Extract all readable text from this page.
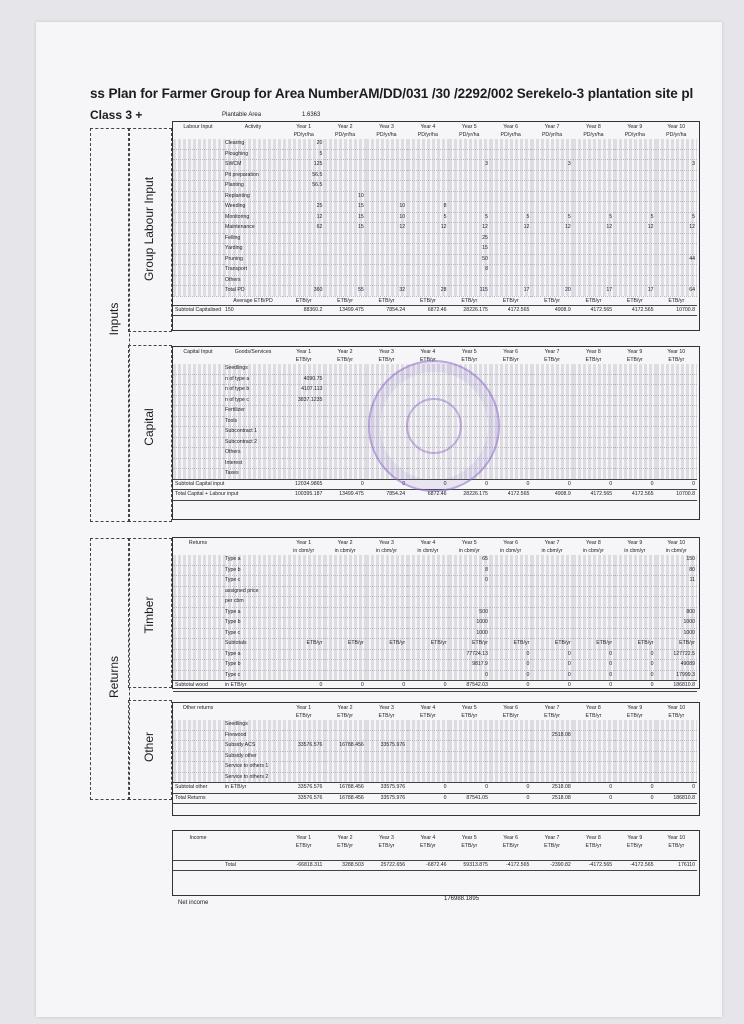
ss Plan for Farmer Group for Area NumberAM/DD/031 /30 /2292/002 Serekelo-3 plantation site pl
Class 3 +	Plantable Area	1.6363
Inputs
Group Labour Input
Labour Input	Activity	Year 1	Year 2	Year 3	Year 4	Year 5	Year 6	Year 7	Year 8	Year 9	Year 10
		PD/yr/ha	PD/yr/ha	PD/yr/ha	PD/yr/ha	PD/yr/ha	PD/yr/ha	PD/yr/ha	PD/yr/ha	PD/yr/ha	PD/yr/ha
	Clearing	20									
	Ploughing	5									
	SWCM	125				3		3			3
	Pit preparation	56.5									
	Planting	56.5									
	Replanting		10								
	Weeding	25	15	10	8						
	Monitoring	12	15	10	5	5	5	5	5	5	5
	Maintenance	62	15	12	12	12	12	12	12	12	12
	Felling					25					
	Yarding					15					
	Pruning					50					44
	Transport					8					
	Others										
	Total PD	360	55	32	28	115	17	20	17	17	64
	Average ETB/PD	ETB/yr	ETB/yr	ETB/yr	ETB/yr	ETB/yr	ETB/yr	ETB/yr	ETB/yr	ETB/yr	ETB/yr
Subtotal Capitalised	150	88360.2	13499.475	7854.24	6872.46	28226.175	4172.565	4908.9	4172.565	4172.565	10700.8
Capital
Capital Input	Goods/Services	Year 1	Year 2	Year 3	Year 4	Year 5	Year 6	Year 7	Year 8	Year 9	Year 10
		ETB/yr	ETB/yr	ETB/yr	ETB/yr	ETB/yr	ETB/yr	ETB/yr	ETB/yr	ETB/yr	ETB/yr
	Seedlings										
	n of type a	4090.75									
	n of type b	4107.113									
	n of type c	3837.1235									
	Fertilizer										
	Tools										
	Subcontract 1										
	Subcontract 2										
	Others										
	Interest										
	Taxes										
Subtotal Capital input		12034.9865	0	0	0	0	0	0	0	0	0
Total Capital + Labour input		100395.187	13499.475	7854.24	6872.46	28226.175	4172.565	4908.9	4172.565	4172.565	10700.8
Returns
Timber
Returns		Year 1	Year 2	Year 3	Year 4	Year 5	Year 6	Year 7	Year 8	Year 9	Year 10
		in cbm/yr	in cbm/yr	in cbm/yr	in cbm/yr	in cbm/yr	in cbm/yr	in cbm/yr	in cbm/yr	in cbm/yr	in cbm/yr
	Type a					65					150
	Type b					8					80
	Type c					0					11
	assigned price										
	per cbm										
	Type a					500					800
	Type b					1000					1000
	Type c					1000					1000
	Subtotals	ETB/yr	ETB/yr	ETB/yr	ETB/yr	ETB/yr	ETB/yr	ETB/yr	ETB/yr	ETB/yr	ETB/yr
	Type a					77724.13	0	0	0	0	127722.5
	Type b					9817.9	0	0	0	0	49089
	Type c					0	0	0	0	0	17999.3
Subtotal wood	in ETB/yr	0	0	0	0	87542.03	0	0	0	0	186810.8
Other
Other returns		Year 1	Year 2	Year 3	Year 4	Year 5	Year 6	Year 7	Year 8	Year 9	Year 10
		ETB/yr	ETB/yr	ETB/yr	ETB/yr	ETB/yr	ETB/yr	ETB/yr	ETB/yr	ETB/yr	ETB/yr
	Seedlings										
	Firewood							2518.08			
	Subsidy ACS	33576.576	16788.456	33575.976							
	Subsidy other										
	Service to others 1										
	Service to others 2										
Subtotal other	in ETB/yr	33576.576	16788.456	33575.976	0	0	0	2518.08	0	0	0
Total Returns		33576.576	16788.456	33575.976	0	87541.05	0	2518.08	0	0	186810.8
Income		Year 1	Year 2	Year 3	Year 4	Year 5	Year 6	Year 7	Year 8	Year 9	Year 10
		ETB/yr	ETB/yr	ETB/yr	ETB/yr	ETB/yr	ETB/yr	ETB/yr	ETB/yr	ETB/yr	ETB/yr

	Total	-66818.311	3288.503	25722.656	-6872.46	59313.875	-4172.565	-2390.82	-4172.565	-4172.565	176110
Net income
176988.1895
